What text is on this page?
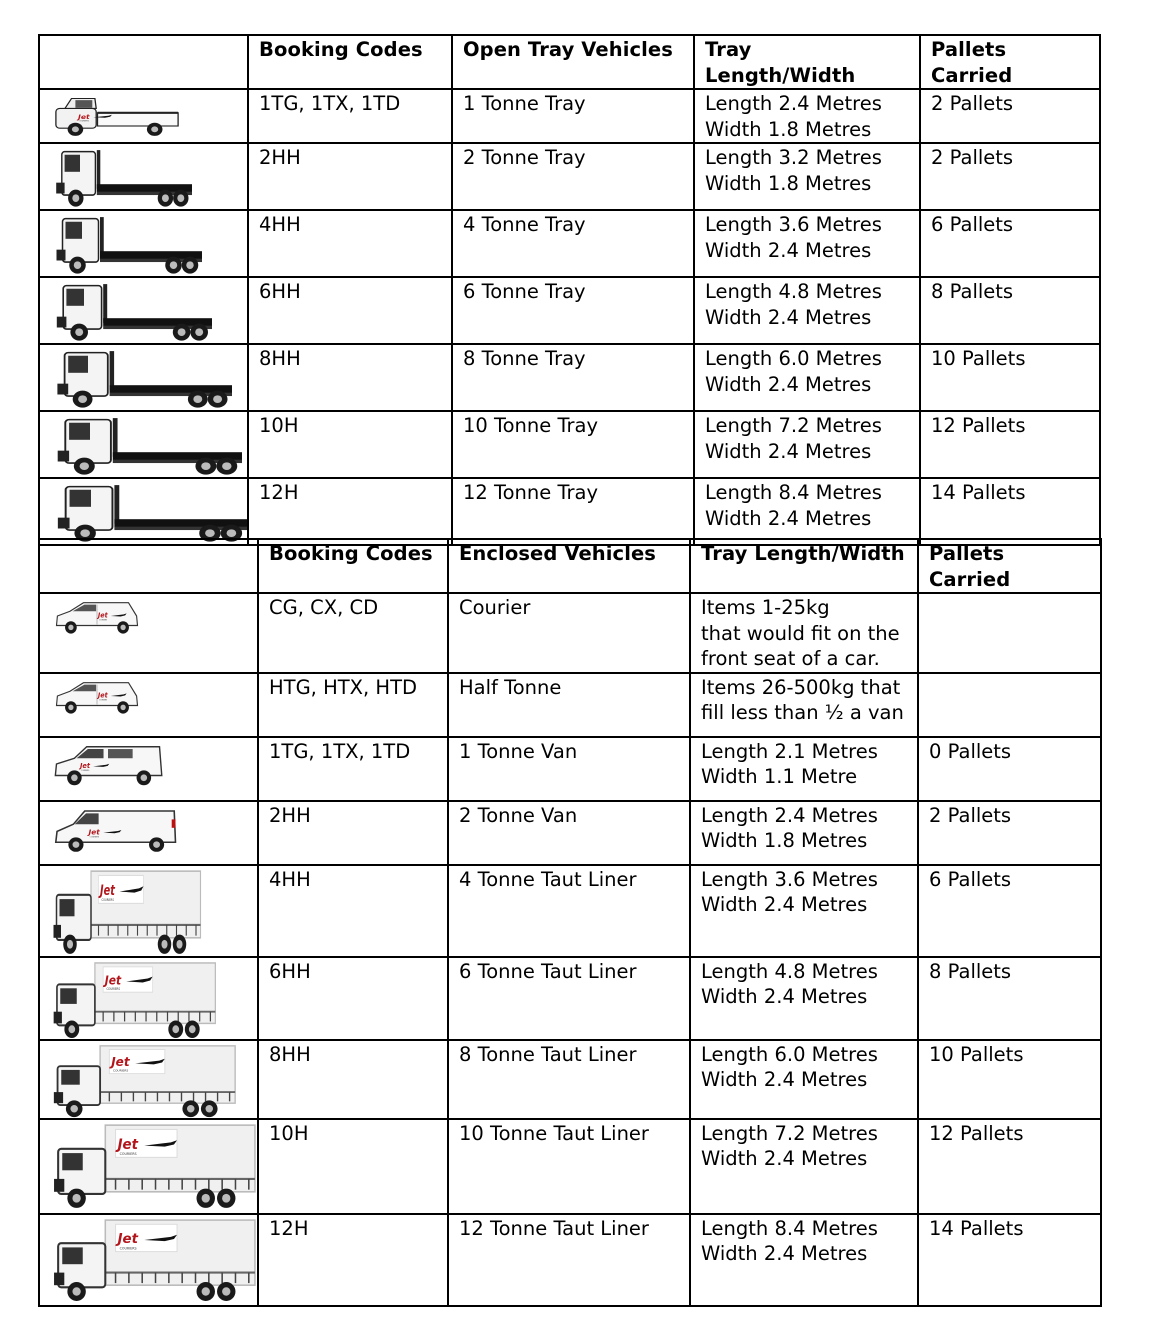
	Booking Codes	Open Tray Vehicles	Tray
Length/Width	Pallets Carried

Jet
COURIERS	1TG, 1TX, 1TD	1 Tonne Tray	Length 2.4 Metres
Width 1.8 Metres	2 Pallets

	2HH	2 Tonne Tray	Length 3.2 Metres
Width 1.8 Metres	2 Pallets

	4HH	4 Tonne Tray	Length 3.6 Metres
Width 2.4 Metres	6 Pallets

	6HH	6 Tonne Tray	Length 4.8 Metres
Width 2.4 Metres	8 Pallets

	8HH	8 Tonne Tray	Length 6.0 Metres
Width 2.4 Metres	10 Pallets

	10H	10 Tonne Tray	Length 7.2 Metres
Width 2.4 Metres	12 Pallets

	12H	12 Tonne Tray	Length 8.4 Metres
Width 2.4 Metres	14 Pallets
	Booking Codes	Enclosed Vehicles	Tray Length/Width	Pallets Carried

Jet
COURIERS	CG, CX, CD	Courier	Items 1-25kg
that would fit on the
front seat of a car.	

Jet
COURIERS	HTG, HTX, HTD	Half Tonne	Items 26-500kg that
fill less than ½ a van	

Jet
COURIERS	1TG, 1TX, 1TD	1 Tonne Van	Length 2.1 Metres
Width 1.1 Metre	0 Pallets

Jet
COURIERS	2HH	2 Tonne Van	Length 2.4 Metres
Width 1.8 Metres	2 Pallets

Jet
COURIERS	4HH	4 Tonne Taut Liner	Length 3.6 Metres
Width 2.4 Metres	6 Pallets

Jet
COURIERS	6HH	6 Tonne Taut Liner	Length 4.8 Metres
Width 2.4 Metres	8 Pallets

Jet
COURIERS	8HH	8 Tonne Taut Liner	Length 6.0 Metres
Width 2.4 Metres	10 Pallets

Jet
COURIERS	10H	10 Tonne Taut Liner	Length 7.2 Metres
Width 2.4 Metres	12 Pallets

Jet
COURIERS	12H	12 Tonne Taut Liner	Length 8.4 Metres
Width 2.4 Metres	14 Pallets
